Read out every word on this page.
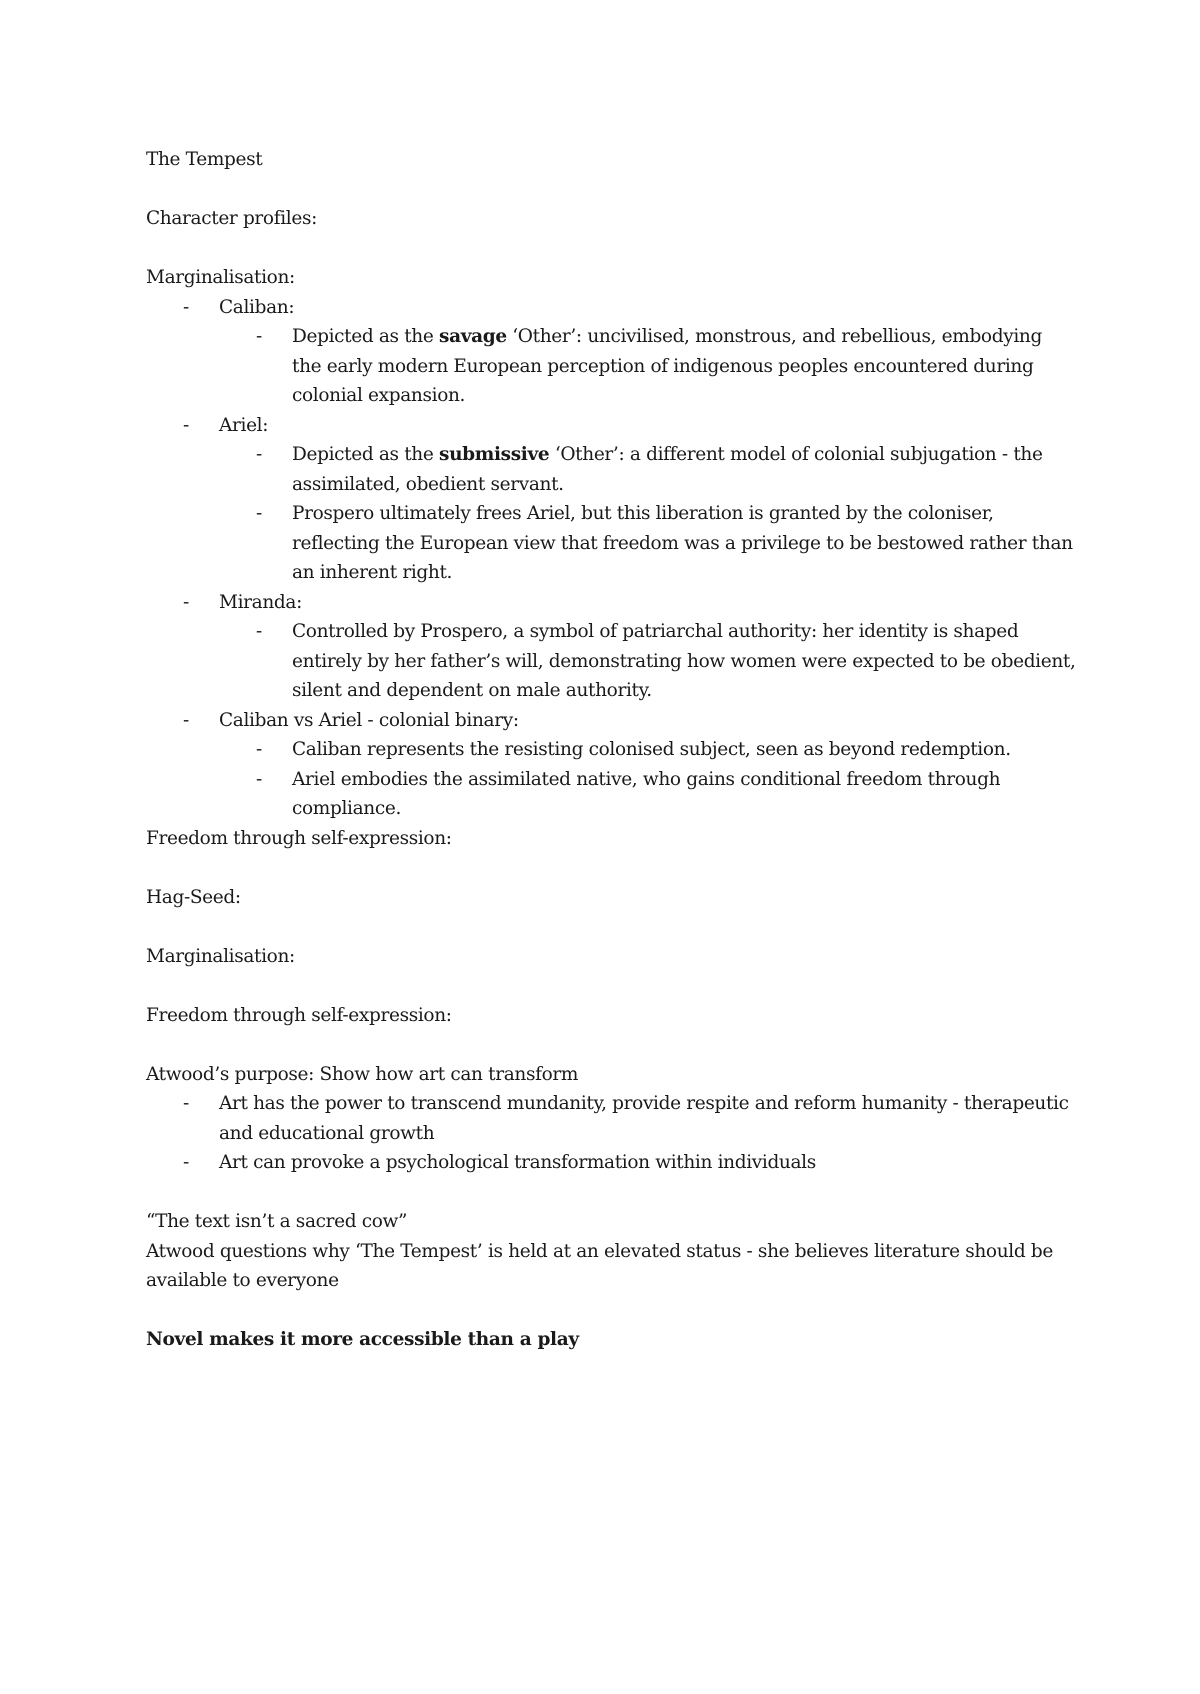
The Tempest

Character profiles:

Marginalisation:

- Caliban:
- Depicted as the savage ‘Other’: uncivilised, monstrous, and rebellious, embodying the early modern European perception of indigenous peoples encountered during colonial expansion.
- Ariel:
- Depicted as the submissive ‘Other’: a different model of colonial subjugation - the assimilated, obedient servant.
- Prospero ultimately frees Ariel, but this liberation is granted by the coloniser, reflecting the European view that freedom was a privilege to be bestowed rather than an inherent right.
- Miranda:
- Controlled by Prospero, a symbol of patriarchal authority: her identity is shaped entirely by her father’s will, demonstrating how women were expected to be obedient, silent and dependent on male authority.
- Caliban vs Ariel - colonial binary:
- Caliban represents the resisting colonised subject, seen as beyond redemption.
- Ariel embodies the assimilated native, who gains conditional freedom through compliance.

Freedom through self-expression:

Hag-Seed:

Marginalisation:

Freedom through self-expression:

Atwood’s purpose: Show how art can transform

- Art has the power to transcend mundanity, provide respite and reform humanity - therapeutic and educational growth
- Art can provoke a psychological transformation within individuals

“The text isn’t a sacred cow”

Atwood questions why ‘The Tempest’ is held at an elevated status - she believes literature should be available to everyone

Novel makes it more accessible than a play
